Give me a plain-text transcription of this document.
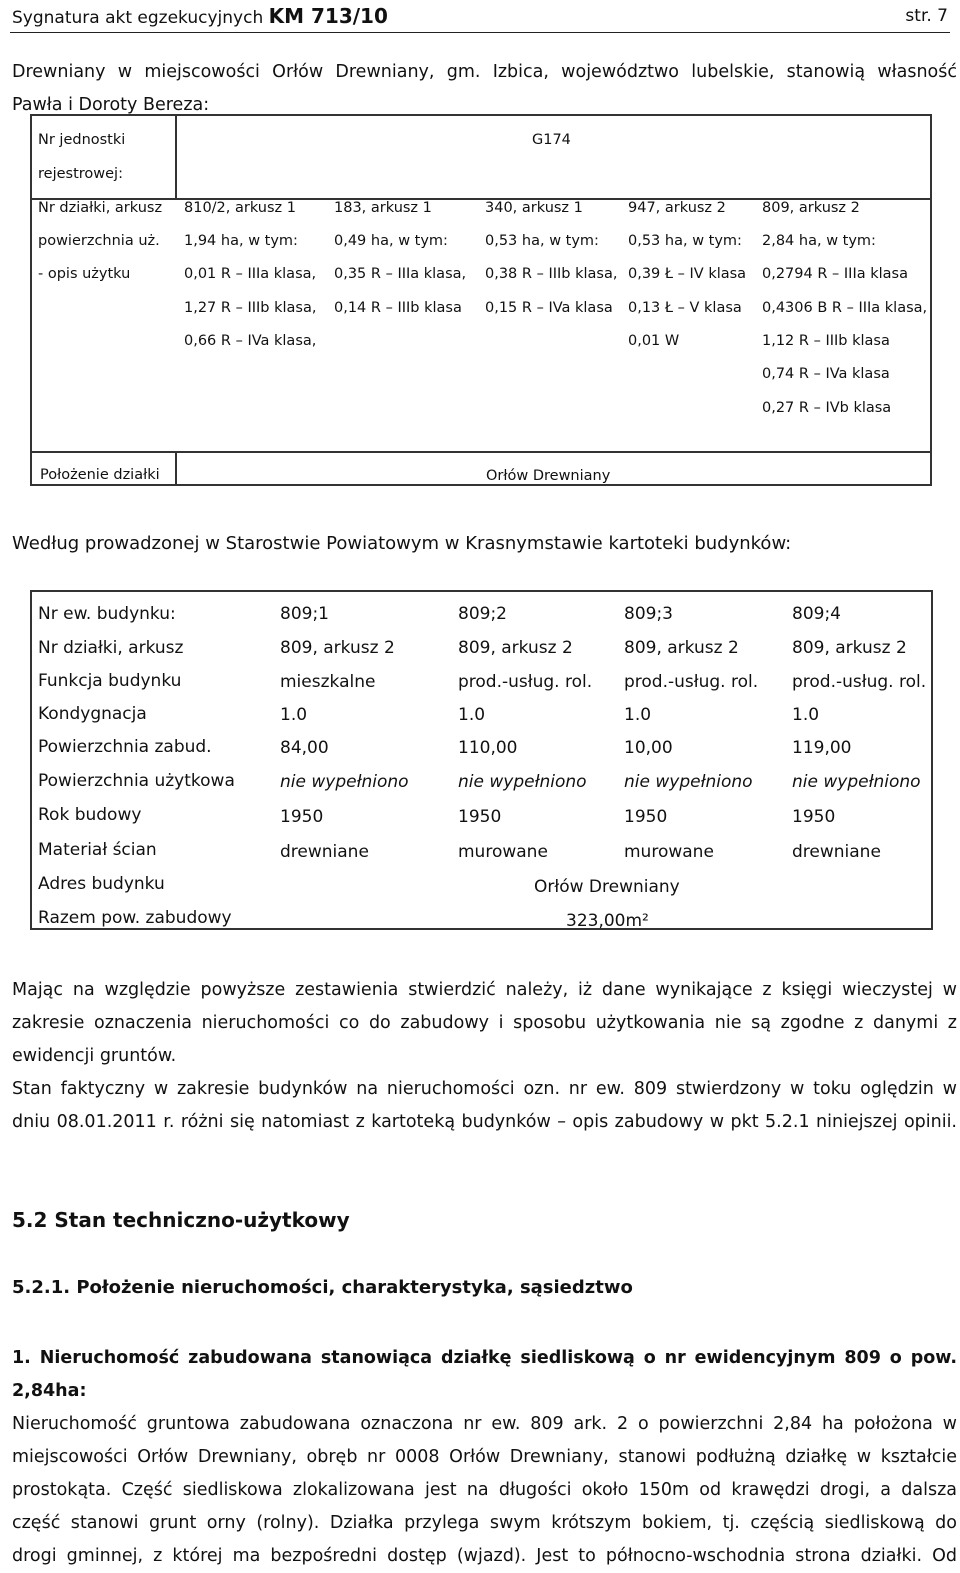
Sygnatura akt egzekucyjnych KM 713/10	str. 7
Drewniany w miejscowości Orłów Drewniany, gm. Izbica, województwo lubelskie, stanowią własność
Pawła i Doroty Bereza:
Nr jednostki
rejestrowej:
G174
Nr działki, arkusz
powierzchnia uż.
- opis użytku
810/2, arkusz 1
1,94 ha, w tym:
0,01 R – IIIa klasa,
1,27 R – IIIb klasa,
0,66 R – IVa klasa,
183, arkusz 1
0,49 ha, w tym:
0,35 R – IIIa klasa,
0,14 R – IIIb klasa
340, arkusz 1
0,53 ha, w tym:
0,38 R – IIIb klasa,
0,15 R – IVa klasa
947, arkusz 2
0,53 ha, w tym:
0,39 Ł – IV klasa
0,13 Ł – V klasa
0,01 W
809, arkusz 2
2,84 ha, w tym:
0,2794 R – IIIa klasa
0,4306 B R – IIIa klasa,
1,12 R – IIIb klasa
0,74 R – IVa klasa
0,27 R – IVb klasa
Położenie działki	Orłów Drewniany
Według prowadzonej w Starostwie Powiatowym w Krasnymstawie kartoteki budynków:
Nr ew. budynku:
Nr działki, arkusz
Funkcja budynku
Kondygnacja
Powierzchnia zabud.
Powierzchnia użytkowa
Rok budowy
Materiał ścian
Adres budynku
Razem pow. zabudowy
809;1
809, arkusz 2
mieszkalne
1.0
84,00
nie wypełniono
1950
drewniane
809;2
809, arkusz 2
prod.-usług. rol.
1.0
110,00
nie wypełniono
1950
murowane
809;3
809, arkusz 2
prod.-usług. rol.
1.0
10,00
nie wypełniono
1950
murowane
809;4
809, arkusz 2
prod.-usług. rol.
1.0
119,00
nie wypełniono
1950
drewniane
Orłów Drewniany
323,00m²
Mając na względzie powyższe zestawienia stwierdzić należy, iż dane wynikające z księgi wieczystej w
zakresie oznaczenia nieruchomości co do zabudowy i sposobu użytkowania nie są zgodne z danymi z
ewidencji gruntów.
Stan faktyczny w zakresie budynków na nieruchomości ozn. nr ew. 809 stwierdzony w toku oględzin w
dniu 08.01.2011 r. różni się natomiast z kartoteką budynków – opis zabudowy w pkt 5.2.1 niniejszej opinii.
5.2 Stan techniczno-użytkowy
5.2.1. Położenie nieruchomości, charakterystyka, sąsiedztwo
1. Nieruchomość zabudowana stanowiąca działkę siedliskową o nr ewidencyjnym 809 o pow.
2,84ha:
Nieruchomość gruntowa zabudowana oznaczona nr ew. 809 ark. 2 o powierzchni 2,84 ha położona w
miejscowości Orłów Drewniany, obręb nr 0008 Orłów Drewniany, stanowi podłużną działkę w kształcie
prostokąta. Część siedliskowa zlokalizowana jest na długości około 150m od krawędzi drogi, a dalsza
część stanowi grunt orny (rolny). Działka przylega swym krótszym bokiem, tj. częścią siedliskową do
drogi gminnej, z której ma bezpośredni dostęp (wjazd). Jest to północno-wschodnia strona działki. Od
